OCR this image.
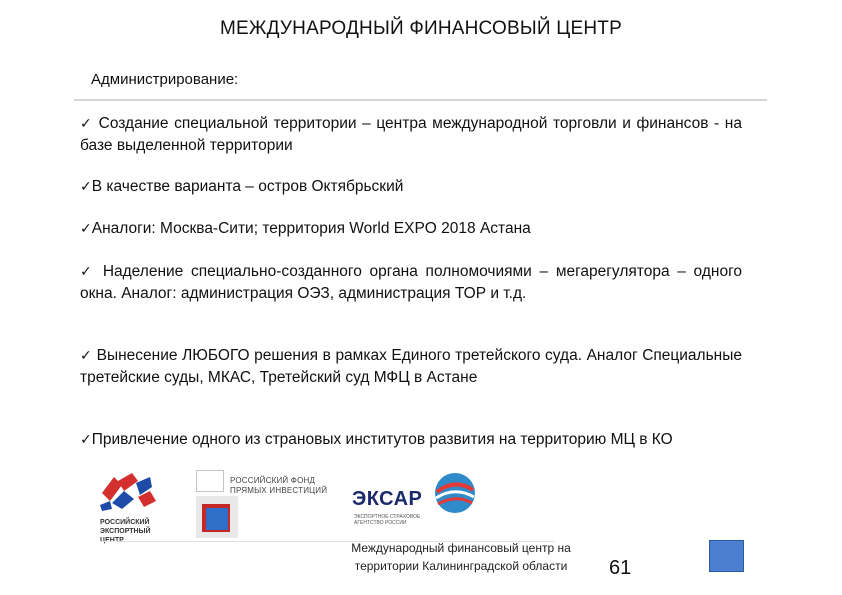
МЕЖДУНАРОДНЫЙ ФИНАНСОВЫЙ ЦЕНТР
Администрирование:
✓ Создание специальной территории – центра международной торговли и финансов - на базе выделенной территории
✓В качестве варианта – остров Октябрьский
✓Аналоги: Москва-Сити; территория World EXPO 2018 Астана
✓ Наделение специально-созданного органа полномочиями – мегарегулятора – одного окна. Аналог: администрация ОЭЗ, администрация ТОР и т.д.
✓ Вынесение ЛЮБОГО решения в рамках Единого третейского суда. Аналог Специальные третейские суды, МКАС, Третейский суд МФЦ в Астане
✓Привлечение одного из страновых институтов развития на территорию МЦ в КО
РОССИЙСКИЙ
ЭКСПОРТНЫЙ
ЦЕНТР
РОССИЙСКИЙ ФОНД
ПРЯМЫХ ИНВЕСТИЦИЙ ЭКСАР
ЭКСПОРТНОЕ СТРАХОВОЕ
АГЕНТСТВО РОССИИ
Международный финансовый центр на
территории Калининградской области	61
